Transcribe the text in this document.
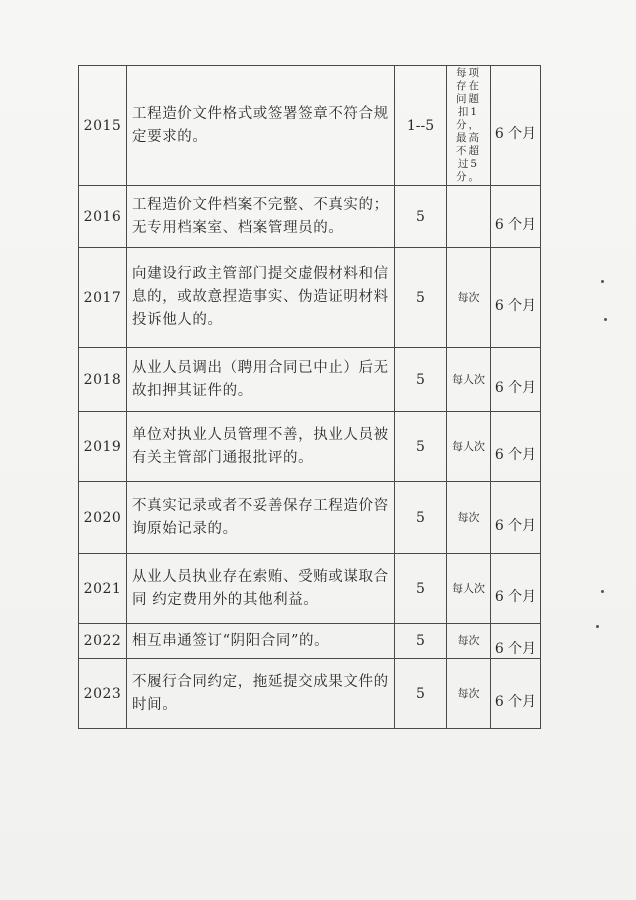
2015	工程造价文件格式或签署签章不符合规定要求的。	1--5	每项存在问题扣1分，最高不超过5分。	6 个月
2016	工程造价文件档案不完整、不真实的；无专用档案室、档案管理员的。	5		6 个月
2017	向建设行政主管部门提交虚假材料和信息的，或故意捏造事实、伪造证明材料投诉他人的。	5	每次	6 个月
2018	从业人员调出（聘用合同已中止）后无故扣押其证件的。	5	每人次	6 个月
2019	单位对执业人员管理不善，执业人员被有关主管部门通报批评的。	5	每人次	6 个月
2020	不真实记录或者不妥善保存工程造价咨询原始记录的。	5	每次	6 个月
2021	从业人员执业存在索贿、受贿或谋取合同 约定费用外的其他利益。	5	每人次	6 个月
2022	相互串通签订“阴阳合同”的。	5	每次	6 个月
2023	不履行合同约定，拖延提交成果文件的时间。	5	每次	6 个月
